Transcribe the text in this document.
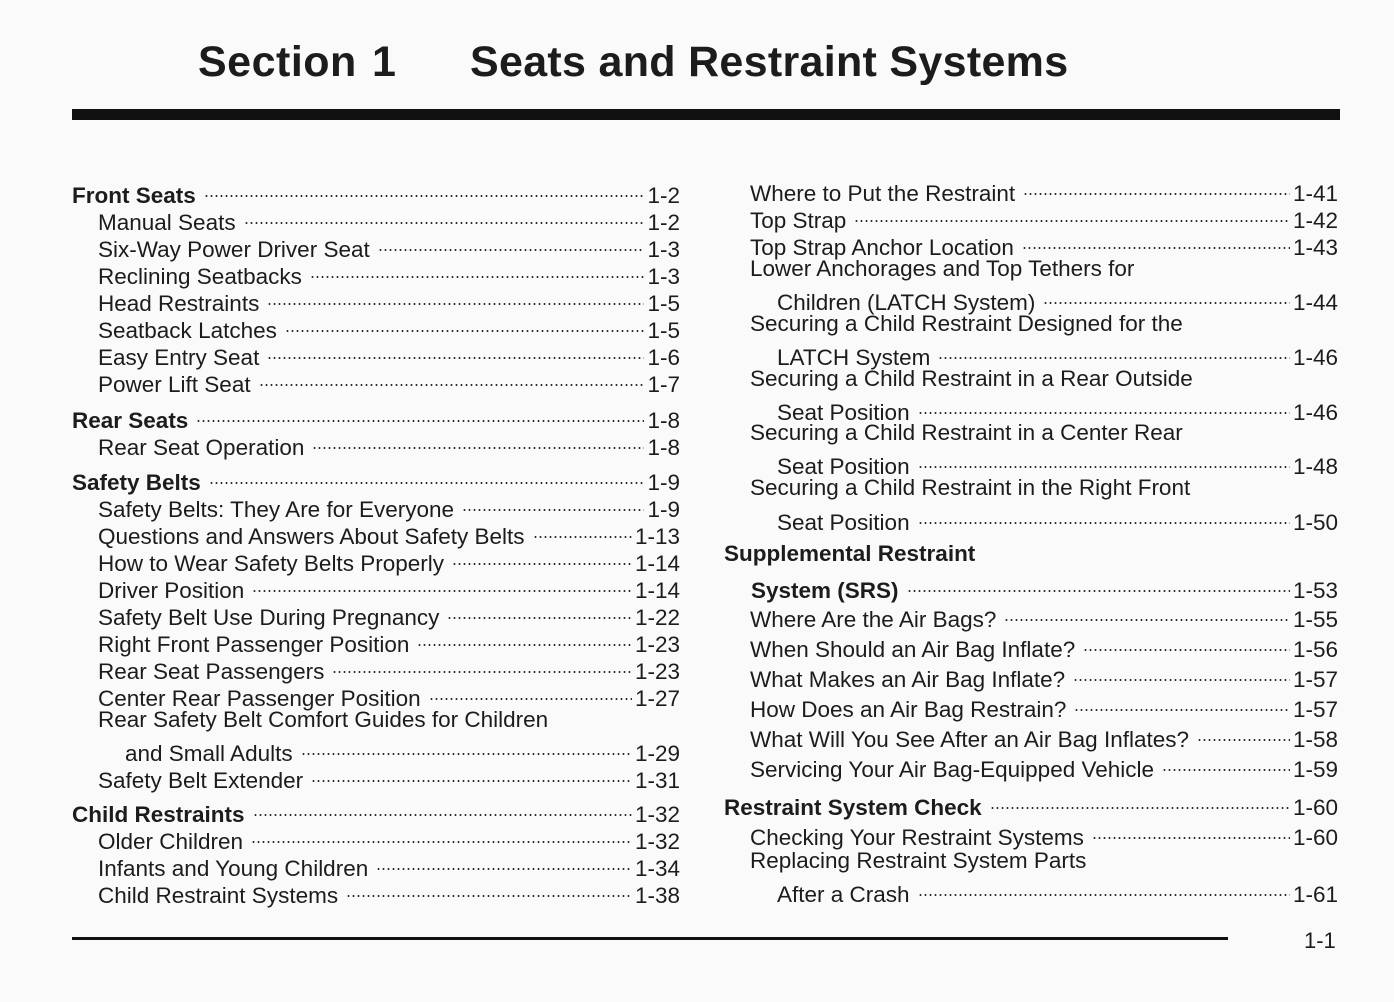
Section 1 Seats and Restraint Systems
Front Seats	1-2
Manual Seats	1-2
Six-Way Power Driver Seat	1-3
Reclining Seatbacks	1-3
Head Restraints	1-5
Seatback Latches	1-5
Easy Entry Seat	1-6
Power Lift Seat	1-7
Rear Seats	1-8
Rear Seat Operation	1-8
Safety Belts	1-9
Safety Belts: They Are for Everyone	1-9
Questions and Answers About Safety Belts	1-13
How to Wear Safety Belts Properly	1-14
Driver Position	1-14
Safety Belt Use During Pregnancy	1-22
Right Front Passenger Position	1-23
Rear Seat Passengers	1-23
Center Rear Passenger Position	1-27
Rear Safety Belt Comfort Guides for Children
and Small Adults	1-29
Safety Belt Extender	1-31
Child Restraints	1-32
Older Children	1-32
Infants and Young Children	1-34
Child Restraint Systems	1-38
Where to Put the Restraint	1-41
Top Strap	1-42
Top Strap Anchor Location	1-43
Lower Anchorages and Top Tethers for
Children (LATCH System)	1-44
Securing a Child Restraint Designed for the
LATCH System	1-46
Securing a Child Restraint in a Rear Outside
Seat Position	1-46
Securing a Child Restraint in a Center Rear
Seat Position	1-48
Securing a Child Restraint in the Right Front
Seat Position	1-50
Supplemental Restraint
System (SRS)	1-53
Where Are the Air Bags?	1-55
When Should an Air Bag Inflate?	1-56
What Makes an Air Bag Inflate?	1-57
How Does an Air Bag Restrain?	1-57
What Will You See After an Air Bag Inflates?	1-58
Servicing Your Air Bag-Equipped Vehicle	1-59
Restraint System Check	1-60
Checking Your Restraint Systems	1-60
Replacing Restraint System Parts
After a Crash	1-61
1-1
